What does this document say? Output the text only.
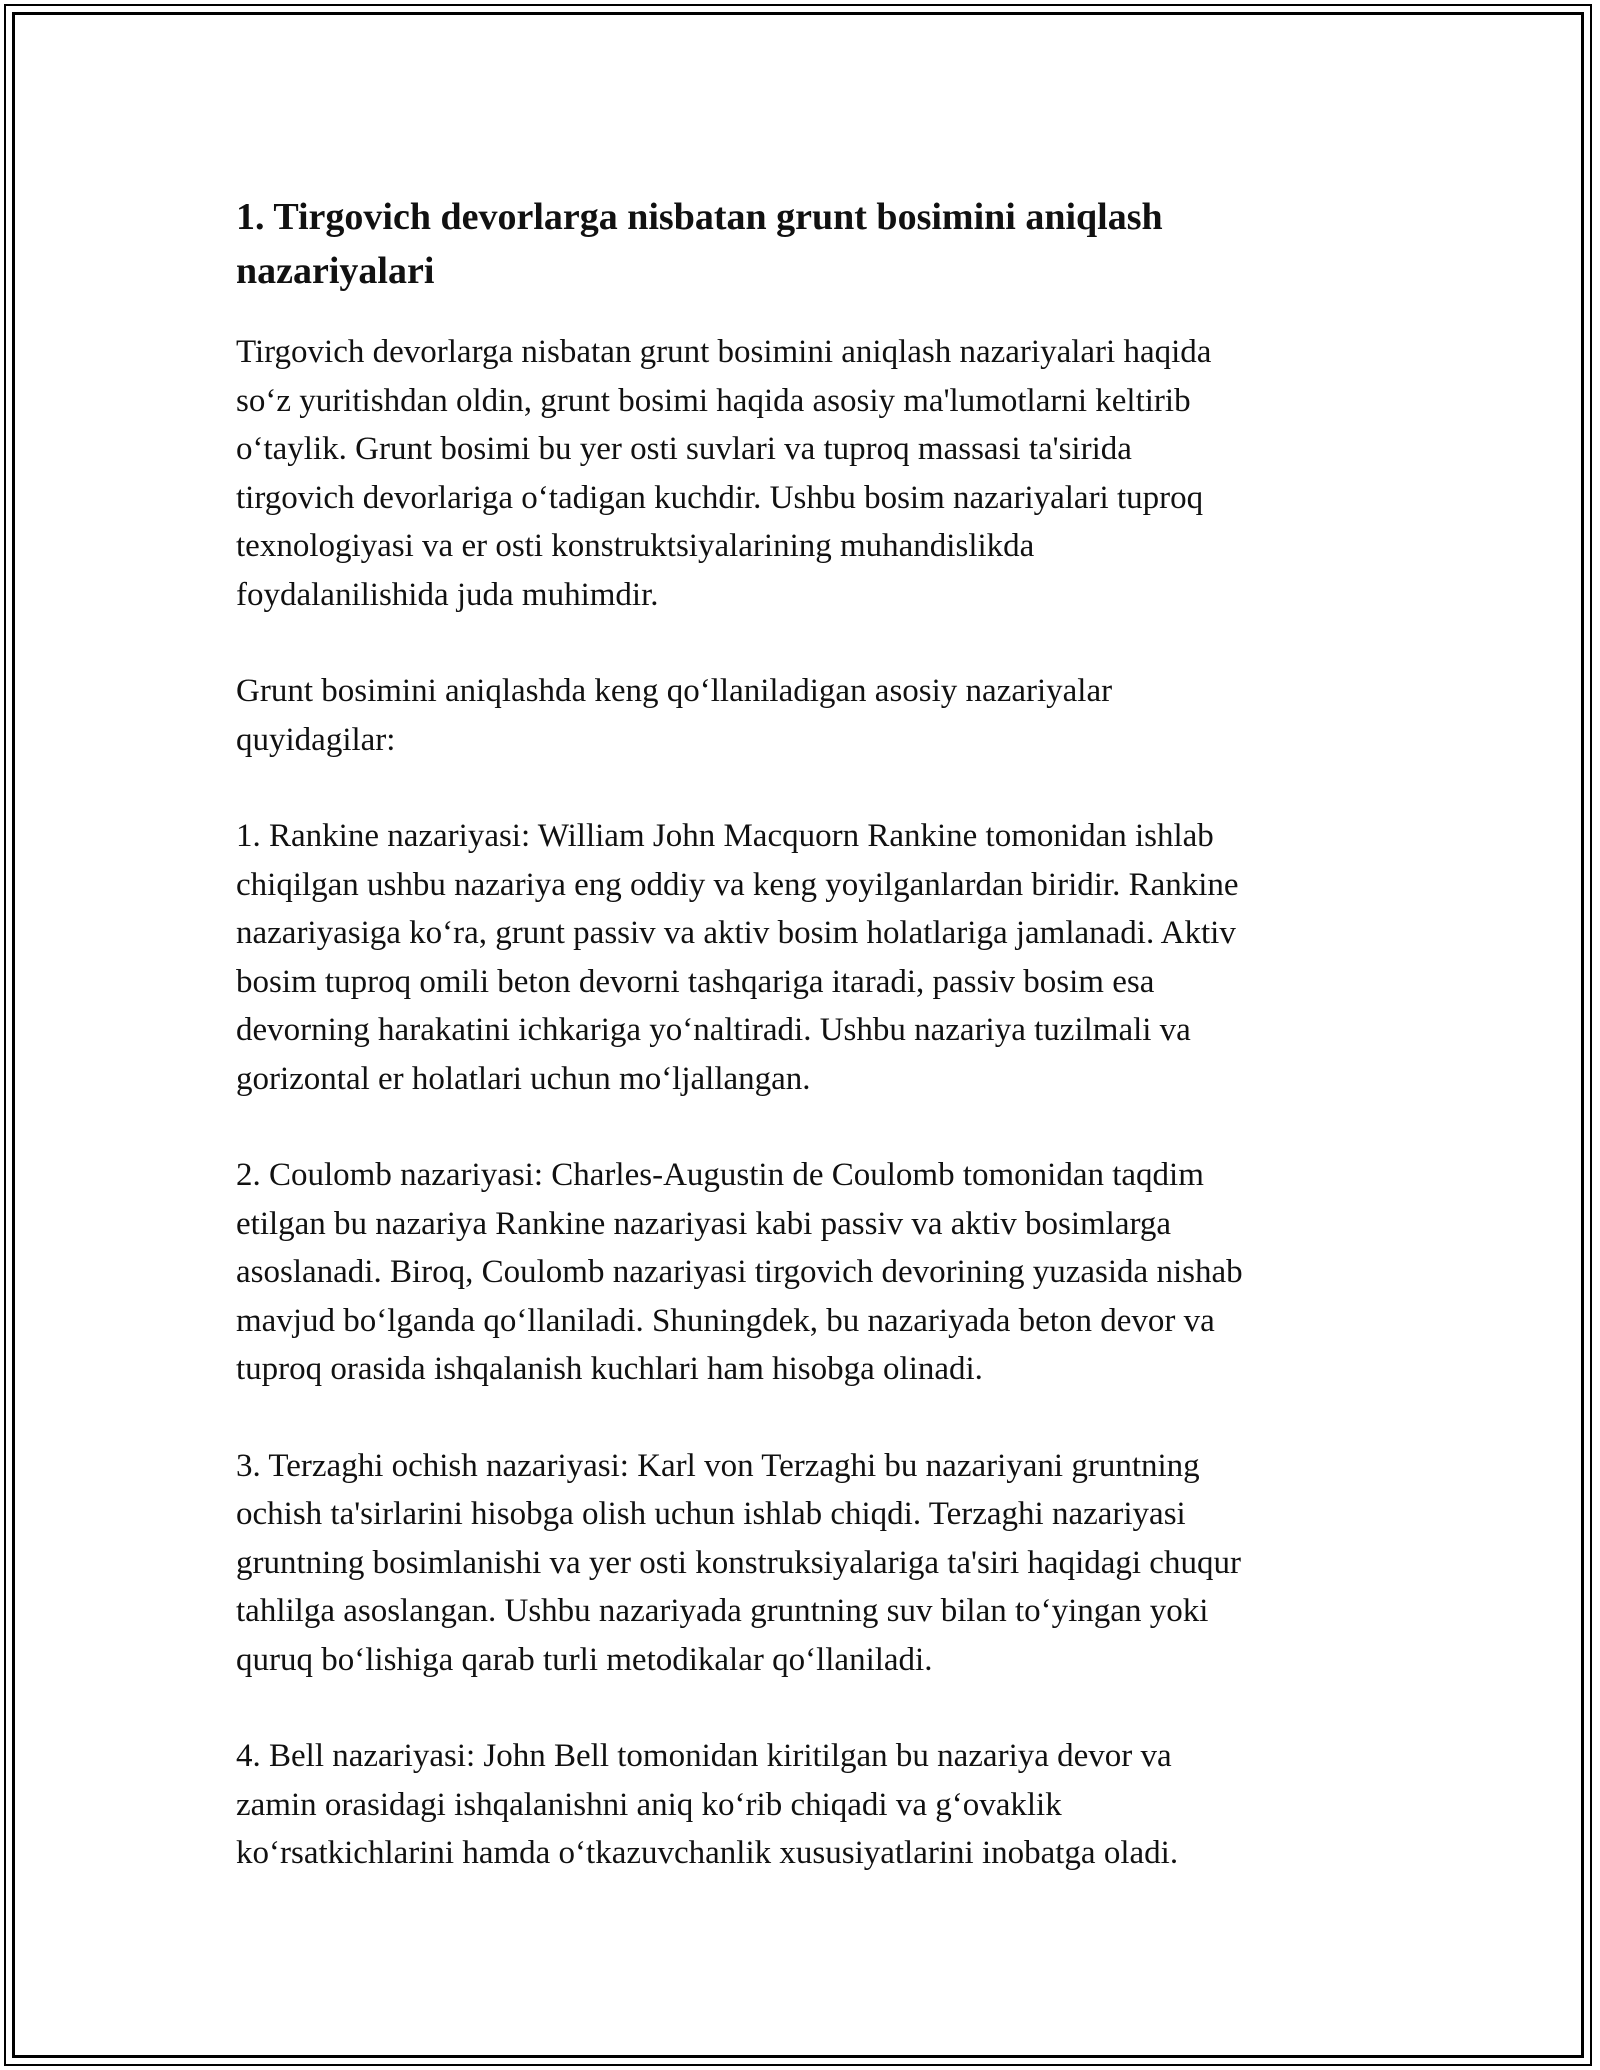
1. Tirgovich devorlarga nisbatan grunt bosimini aniqlash
nazariyalari

Tirgovich devorlarga nisbatan grunt bosimini aniqlash nazariyalari haqida
so‘z yuritishdan oldin, grunt bosimi haqida asosiy ma'lumotlarni keltirib
o‘taylik. Grunt bosimi bu yer osti suvlari va tuproq massasi ta'sirida
tirgovich devorlariga o‘tadigan kuchdir. Ushbu bosim nazariyalari tuproq
texnologiyasi va er osti konstruktsiyalarining muhandislikda
foydalanilishida juda muhimdir.

Grunt bosimini aniqlashda keng qo‘llaniladigan asosiy nazariyalar
quyidagilar:

1. Rankine nazariyasi: William John Macquorn Rankine tomonidan ishlab
chiqilgan ushbu nazariya eng oddiy va keng yoyilganlardan biridir. Rankine
nazariyasiga ko‘ra, grunt passiv va aktiv bosim holatlariga jamlanadi. Aktiv
bosim tuproq omili beton devorni tashqariga itaradi, passiv bosim esa
devorning harakatini ichkariga yo‘naltiradi. Ushbu nazariya tuzilmali va
gorizontal er holatlari uchun mo‘ljallangan.

2. Coulomb nazariyasi: Charles-Augustin de Coulomb tomonidan taqdim
etilgan bu nazariya Rankine nazariyasi kabi passiv va aktiv bosimlarga
asoslanadi. Biroq, Coulomb nazariyasi tirgovich devorining yuzasida nishab
mavjud bo‘lganda qo‘llaniladi. Shuningdek, bu nazariyada beton devor va
tuproq orasida ishqalanish kuchlari ham hisobga olinadi.

3. Terzaghi ochish nazariyasi: Karl von Terzaghi bu nazariyani gruntning
ochish ta'sirlarini hisobga olish uchun ishlab chiqdi. Terzaghi nazariyasi
gruntning bosimlanishi va yer osti konstruksiyalariga ta'siri haqidagi chuqur
tahlilga asoslangan. Ushbu nazariyada gruntning suv bilan to‘yingan yoki
quruq bo‘lishiga qarab turli metodikalar qo‘llaniladi.

4. Bell nazariyasi: John Bell tomonidan kiritilgan bu nazariya devor va
zamin orasidagi ishqalanishni aniq ko‘rib chiqadi va g‘ovaklik
ko‘rsatkichlarini hamda o‘tkazuvchanlik xususiyatlarini inobatga oladi.
